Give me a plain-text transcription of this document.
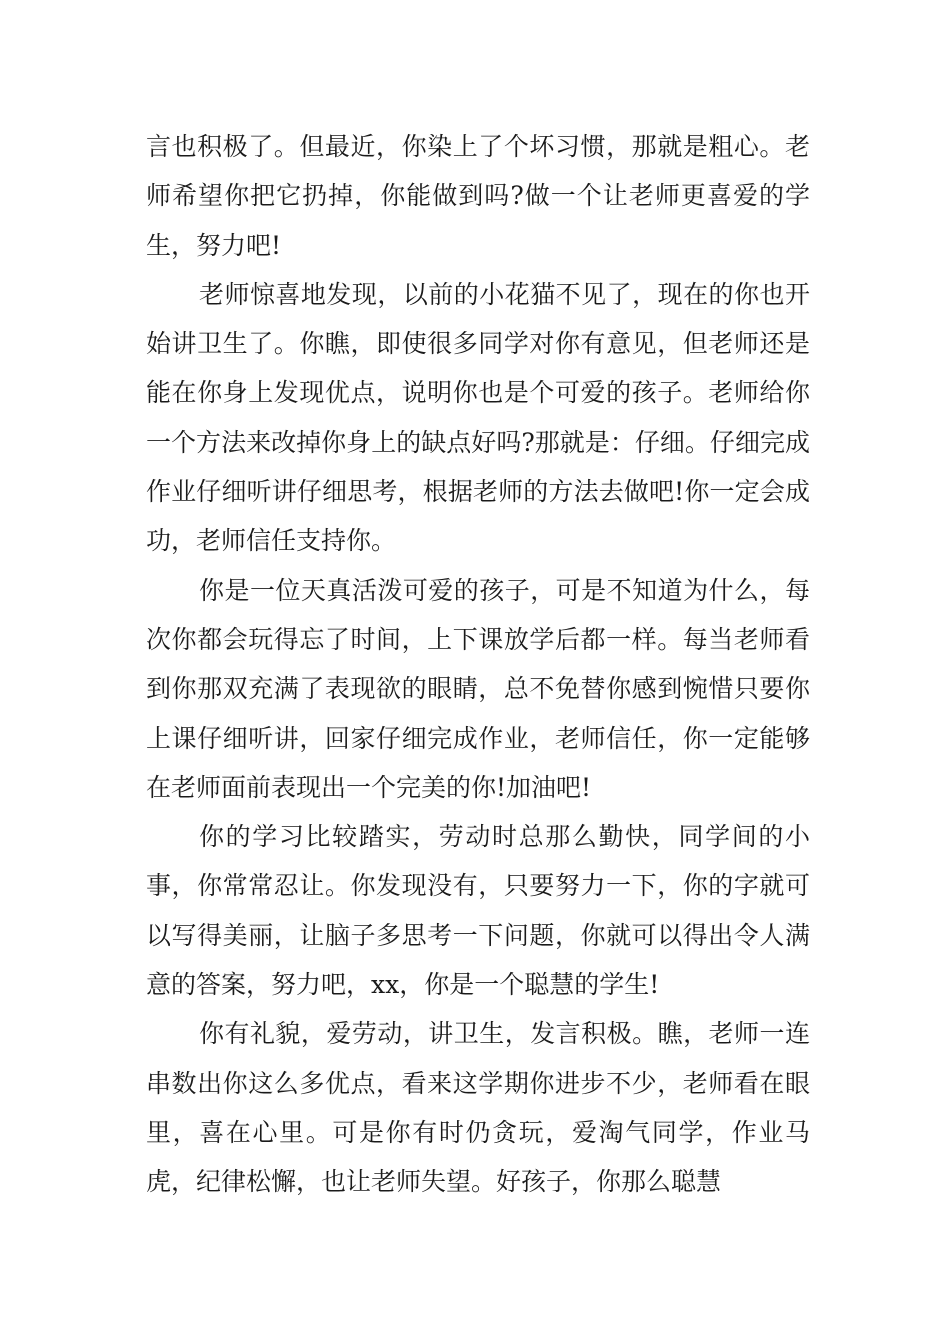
言也积极了。但最近，你染上了个坏习惯，那就是粗心。老师希望你把它扔掉，你能做到吗?做一个让老师更喜爱的学生，努力吧!

老师惊喜地发现，以前的小花猫不见了，现在的你也开始讲卫生了。你瞧，即使很多同学对你有意见，但老师还是能在你身上发现优点，说明你也是个可爱的孩子。老师给你一个方法来改掉你身上的缺点好吗?那就是：仔细。仔细完成作业仔细听讲仔细思考，根据老师的方法去做吧!你一定会成功，老师信任支持你。

你是一位天真活泼可爱的孩子，可是不知道为什么，每次你都会玩得忘了时间，上下课放学后都一样。每当老师看到你那双充满了表现欲的眼睛，总不免替你感到惋惜只要你上课仔细听讲，回家仔细完成作业，老师信任，你一定能够在老师面前表现出一个完美的你!加油吧!

你的学习比较踏实，劳动时总那么勤快，同学间的小事，你常常忍让。你发现没有，只要努力一下，你的字就可以写得美丽，让脑子多思考一下问题，你就可以得出令人满意的答案，努力吧，xx，你是一个聪慧的学生!

你有礼貌，爱劳动，讲卫生，发言积极。瞧，老师一连串数出你这么多优点，看来这学期你进步不少，老师看在眼里，喜在心里。可是你有时仍贪玩，爱淘气同学，作业马虎，纪律松懈，也让老师失望。好孩子，你那么聪慧
